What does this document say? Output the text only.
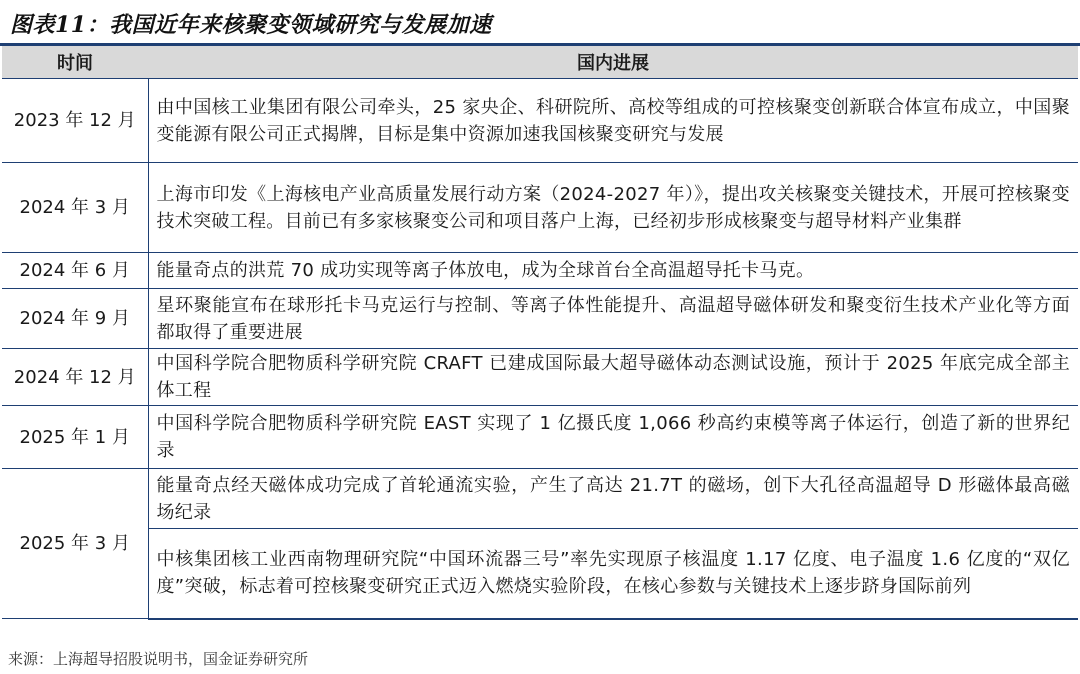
图表11：我国近年来核聚变领域研究与发展加速
时间	国内进展
2023 年 12 月	由中国核工业集团有限公司牵头，25 家央企、科研院所、高校等组成的可控核聚变创新联合体宣布成立，中国聚变能源有限公司正式揭牌，目标是集中资源加速我国核聚变研究与发展
2024 年 3 月	上海市印发《上海核电产业高质量发展行动方案（2024-2027 年）》，提出攻关核聚变关键技术，开展可控核聚变技术突破工程。目前已有多家核聚变公司和项目落户上海，已经初步形成核聚变与超导材料产业集群
2024 年 6 月	能量奇点的洪荒 70 成功实现等离子体放电，成为全球首台全高温超导托卡马克。
2024 年 9 月	星环聚能宣布在球形托卡马克运行与控制、等离子体性能提升、高温超导磁体研发和聚变衍生技术产业化等方面都取得了重要进展
2024 年 12 月	中国科学院合肥物质科学研究院 CRAFT 已建成国际最大超导磁体动态测试设施，预计于 2025 年底完成全部主体工程
2025 年 1 月	中国科学院合肥物质科学研究院 EAST 实现了 1 亿摄氏度 1,066 秒高约束模等离子体运行，创造了新的世界纪录
2025 年 3 月	能量奇点经天磁体成功完成了首轮通流实验，产生了高达 21.7T 的磁场，创下大孔径高温超导 D 形磁体最高磁场纪录
	中核集团核工业西南物理研究院“中国环流器三号”率先实现原子核温度 1.17 亿度、电子温度 1.6 亿度的“双亿度”突破，标志着可控核聚变研究正式迈入燃烧实验阶段，在核心参数与关键技术上逐步跻身国际前列
来源：上海超导招股说明书，国金证券研究所
